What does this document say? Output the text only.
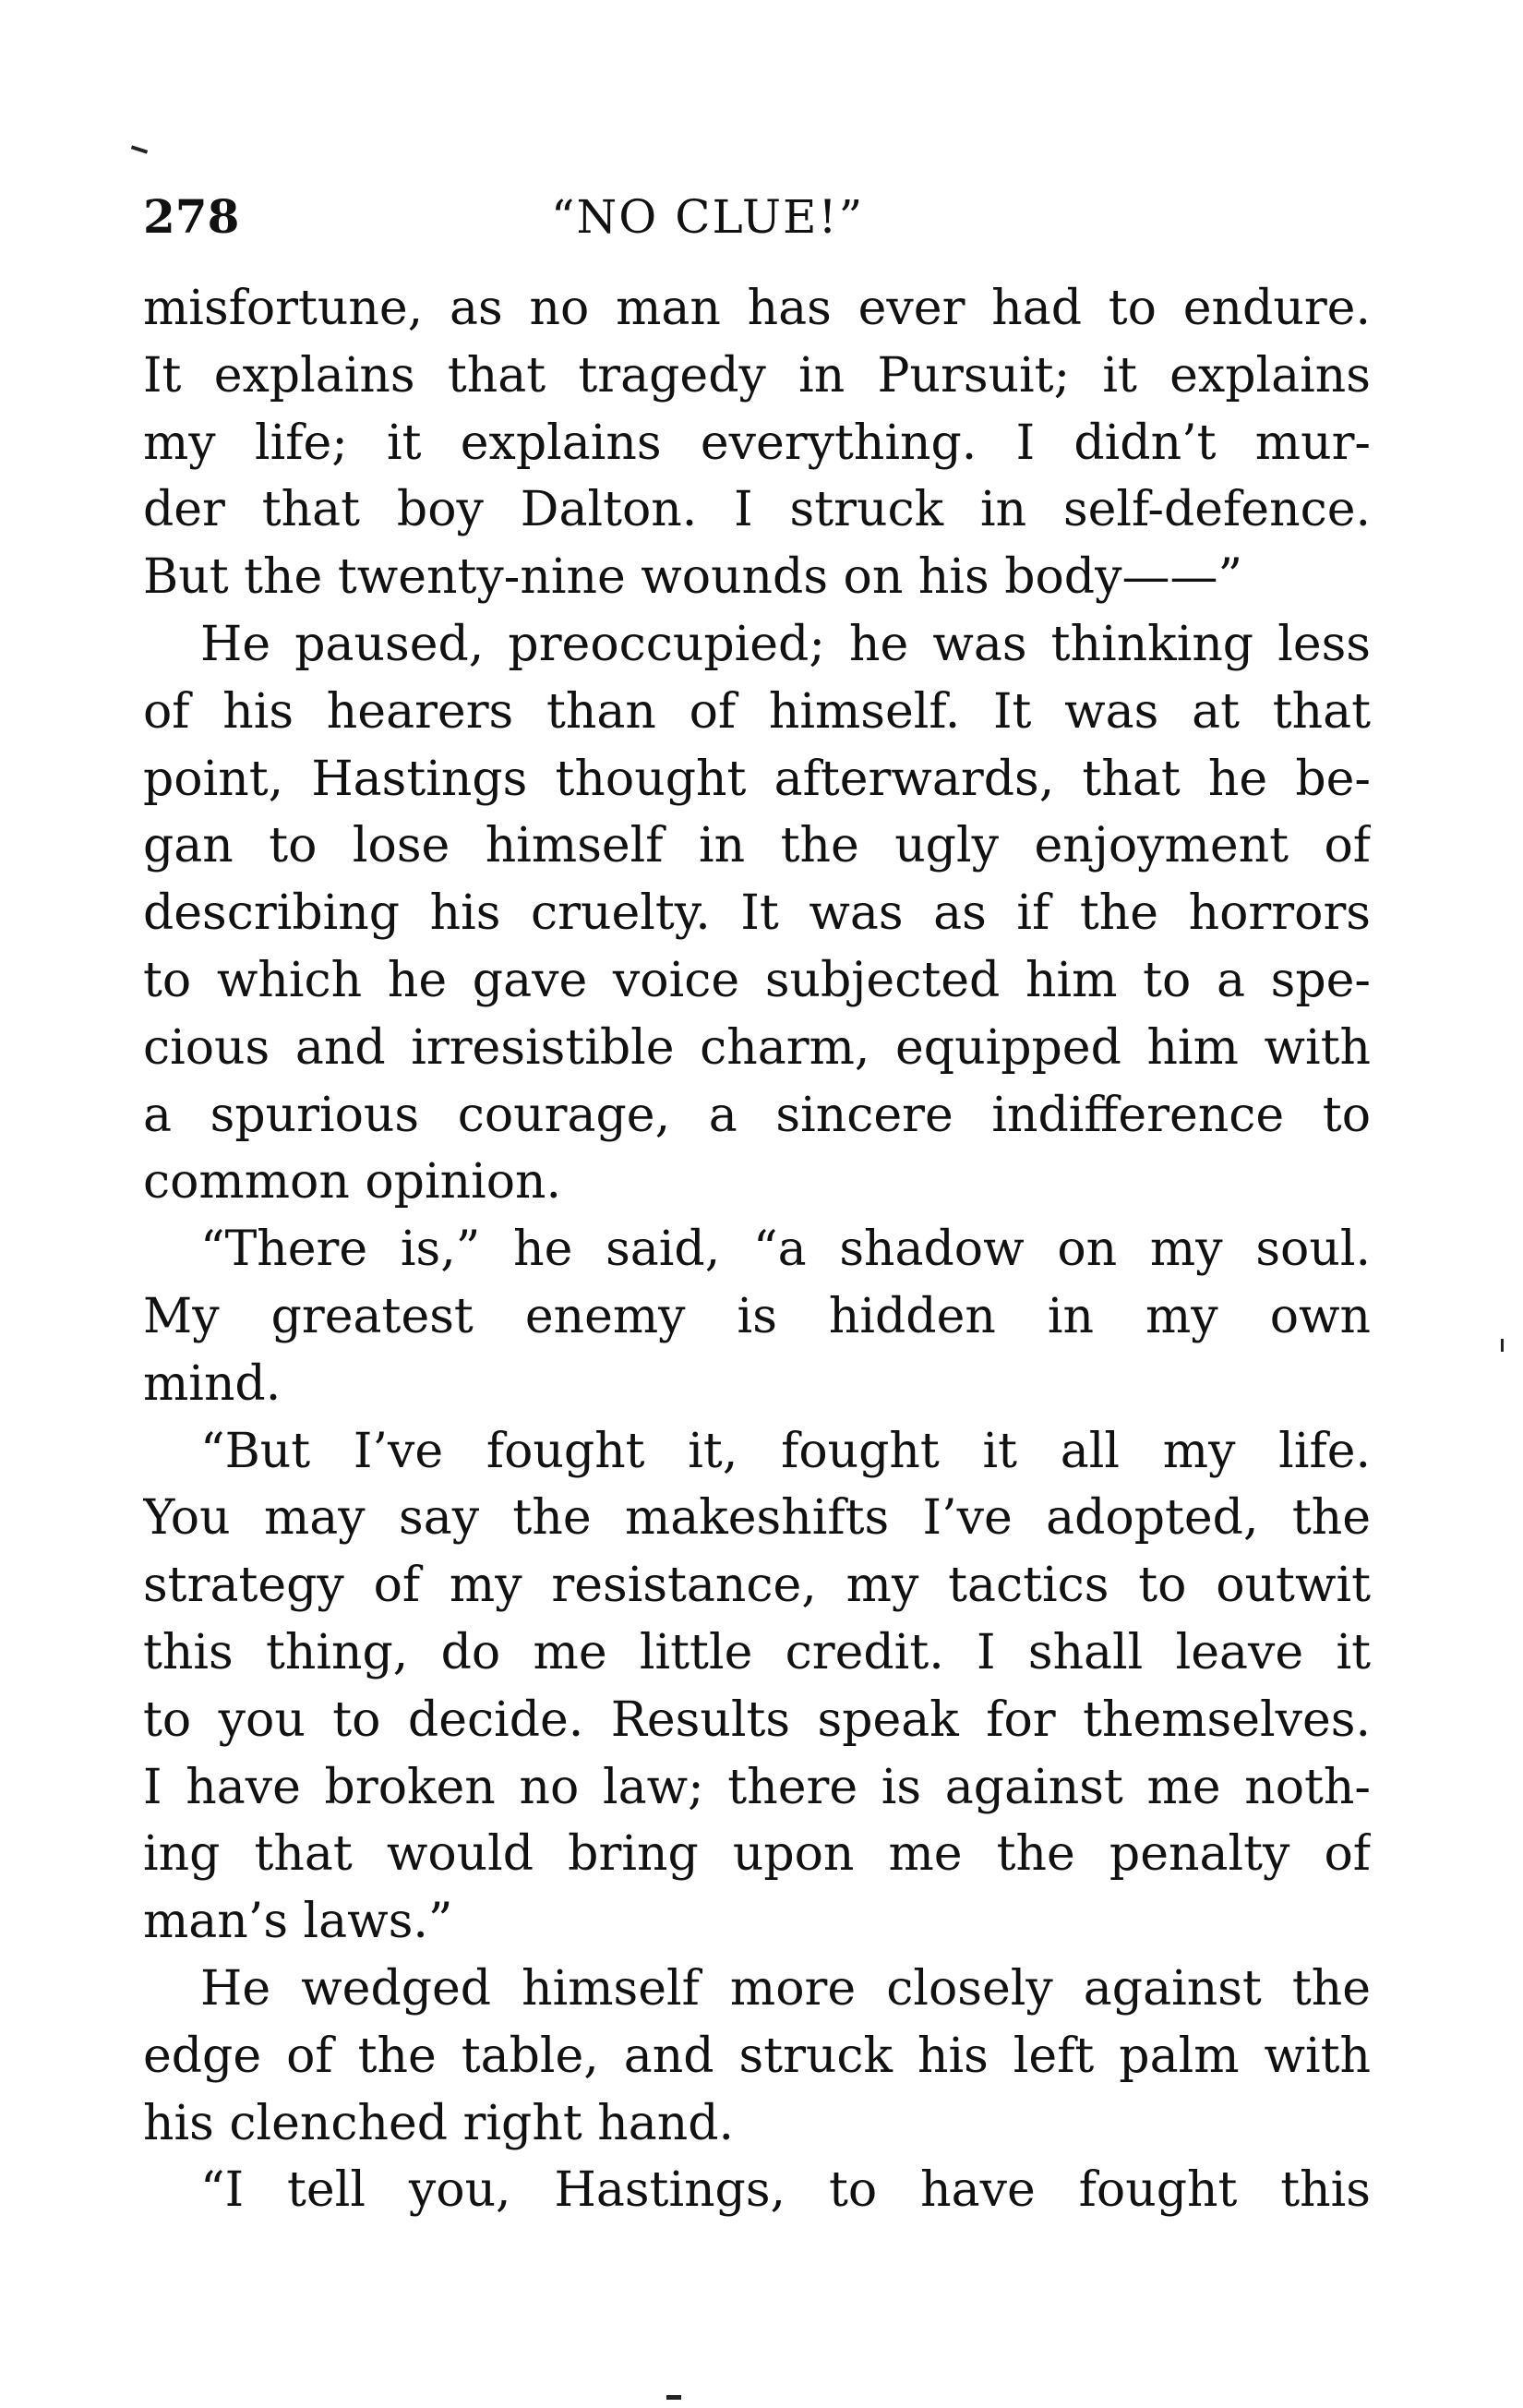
278	“NO CLUE!”
misfortune, as no man has ever had to endure.
It explains that tragedy in Pursuit; it explains
my life; it explains everything. I didn’t mur-
der that boy Dalton. I struck in self-defence.
But the twenty-nine wounds on his body——”
He paused, preoccupied; he was thinking less
of his hearers than of himself. It was at that
point, Hastings thought afterwards, that he be-
gan to lose himself in the ugly enjoyment of
describing his cruelty. It was as if the horrors
to which he gave voice subjected him to a spe-
cious and irresistible charm, equipped him with
a spurious courage, a sincere indifference to
common opinion.
“There is,” he said, “a shadow on my soul.
My greatest enemy is hidden in my own
mind.
“But I’ve fought it, fought it all my life.
You may say the makeshifts I’ve adopted, the
strategy of my resistance, my tactics to outwit
this thing, do me little credit. I shall leave it
to you to decide. Results speak for themselves.
I have broken no law; there is against me noth-
ing that would bring upon me the penalty of
man’s laws.”
He wedged himself more closely against the
edge of the table, and struck his left palm with
his clenched right hand.
“I tell you, Hastings, to have fought this
